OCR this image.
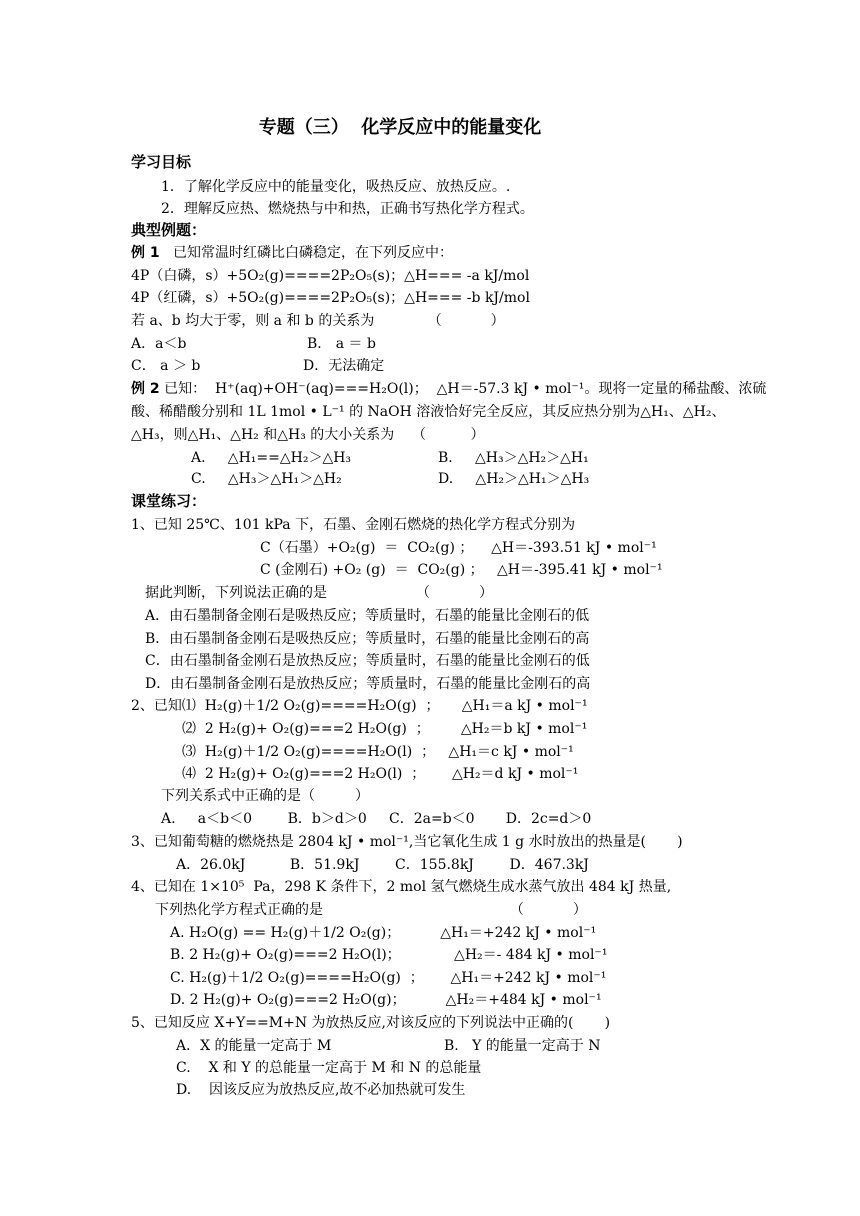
专题（三）  化学反应中的能量变化
学习目标
1．了解化学反应中的能量变化，吸热反应、放热反应。.
2．理解反应热、燃烧热与中和热，正确书写热化学方程式。
典型例题：
例 1 已知常温时红磷比白磷稳定，在下列反应中：
4P（白磷，s）+5O₂(g)====2P₂O₅(s)；△H=== -a kJ/mol
4P（红磷，s）+5O₂(g)====2P₂O₅(s)；△H=== -b kJ/mol
若 a、b 均大于零，则 a 和 b 的关系为            （           ）
A．a＜b	B． a ＝ b
C． a ＞ b	D．无法确定
例 2 已知：  H⁺(aq)+OH⁻(aq)===H₂O(l)；  △H＝-57.3 kJ • mol⁻¹。现将一定量的稀盐酸、浓硫
酸、稀醋酸分别和 1L 1mol • L⁻¹ 的 NaOH 溶液恰好完全反应，其反应热分别为△H₁、△H₂、
△H₃，则△H₁、△H₂ 和△H₃ 的大小关系为    （          ）
A.     △H₁==△H₂＞△H₃	B.     △H₃＞△H₂＞△H₁
C.     △H₃＞△H₁＞△H₂	D.     △H₂＞△H₁＞△H₃
课堂练习：
1、已知 25℃、101 kPa 下，石墨、金刚石燃烧的热化学方程式分别为
C（石墨）+O₂(g)  ＝  CO₂(g) ；    △H＝-393.51 kJ • mol⁻¹
C (金刚石) +O₂ (g)  ＝  CO₂(g) ；   △H＝-395.41 kJ • mol⁻¹
据此判断，下列说法正确的是                    （           ）
A．由石墨制备金刚石是吸热反应；等质量时，石墨的能量比金刚石的低
B．由石墨制备金刚石是吸热反应；等质量时，石墨的能量比金刚石的高
C．由石墨制备金刚石是放热反应；等质量时，石墨的能量比金刚石的低
D．由石墨制备金刚石是放热反应；等质量时，石墨的能量比金刚石的高
2、已知⑴  H₂(g)＋1/2 O₂(g)====H₂O(g)  ；     △H₁＝a kJ • mol⁻¹
⑵  2 H₂(g)+ O₂(g)===2 H₂O(g)  ；       △H₂＝b kJ • mol⁻¹
⑶  H₂(g)＋1/2 O₂(g)====H₂O(l)  ；   △H₁＝c kJ • mol⁻¹
⑷  2 H₂(g)+ O₂(g)===2 H₂O(l)  ；      △H₂＝d kJ • mol⁻¹
下列关系式中正确的是（         ）
A.     a＜b＜0        B．b＞d＞0     C．2a=b＜0       D．2c=d＞0
3、已知葡萄糖的燃烧热是 2804 kJ • mol⁻¹,当它氧化生成 1 g 水时放出的热量是(       )
A．26.0kJ          B．51.9kJ        C．155.8kJ        D．467.3kJ
4、已知在 1×10⁵  Pa，298 K 条件下，2 mol 氢气燃烧生成水蒸气放出 484 kJ 热量,
下列热化学方程式正确的是                                          （           ）
A. H₂O(g) == H₂(g)＋1/2 O₂(g)；         △H₁＝+242 kJ • mol⁻¹
B. 2 H₂(g)+ O₂(g)===2 H₂O(l)；            △H₂＝- 484 kJ • mol⁻¹
C. H₂(g)＋1/2 O₂(g)====H₂O(g)  ；      △H₁＝+242 kJ • mol⁻¹
D. 2 H₂(g)+ O₂(g)===2 H₂O(g)；         △H₂＝+484 kJ • mol⁻¹
5、已知反应 X+Y==M+N 为放热反应,对该反应的下列说法中正确的(       )
A．X 的能量一定高于 M	B.   Y 的能量一定高于 N
C.    X 和 Y 的总能量一定高于 M 和 N 的总能量
D.    因该反应为放热反应,故不必加热就可发生
